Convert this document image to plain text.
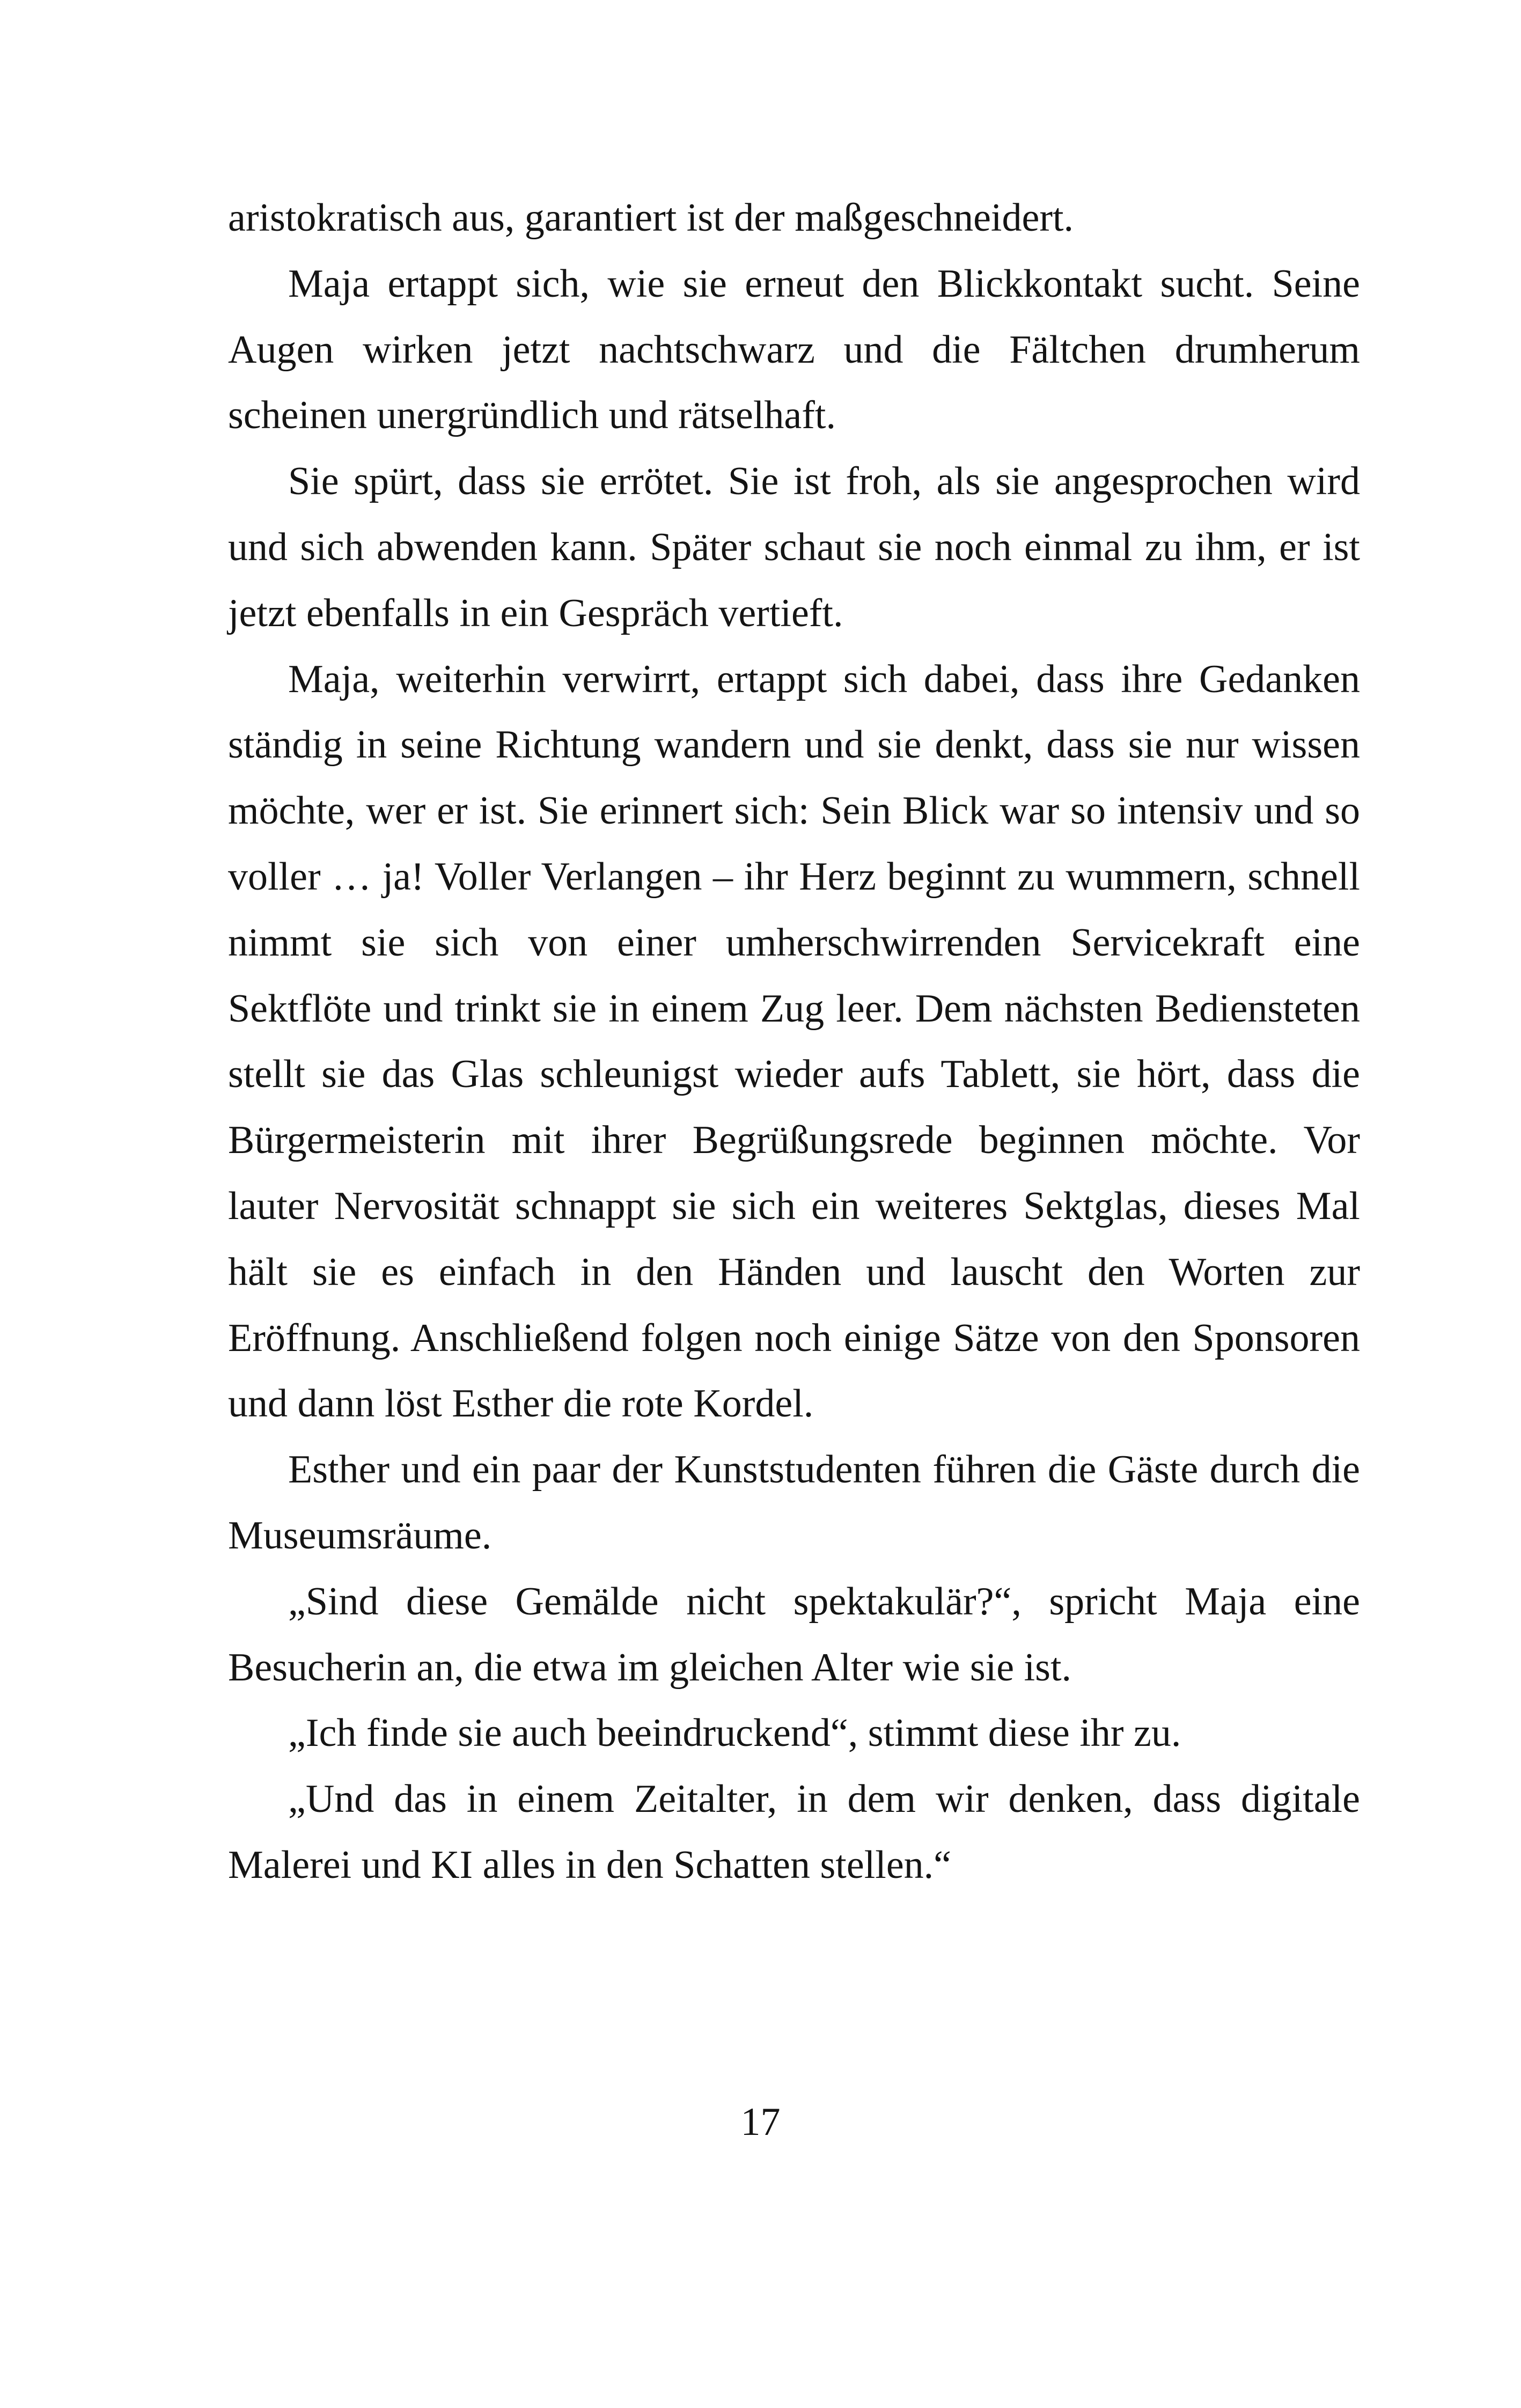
aristokratisch aus, garantiert ist der maßgeschneidert.

Maja ertappt sich, wie sie erneut den Blickkontakt sucht. Seine Augen wirken jetzt nachtschwarz und die Fältchen drumherum scheinen unergründlich und rätselhaft.

Sie spürt, dass sie errötet. Sie ist froh, als sie angesprochen wird und sich abwenden kann. Später schaut sie noch einmal zu ihm, er ist jetzt ebenfalls in ein Gespräch vertieft.

Maja, weiterhin verwirrt, ertappt sich dabei, dass ihre Gedanken ständig in seine Richtung wandern und sie denkt, dass sie nur wissen möchte, wer er ist. Sie erinnert sich: Sein Blick war so intensiv und so voller … ja! Voller Verlangen – ihr Herz beginnt zu wummern, schnell nimmt sie sich von einer umherschwirrenden Servicekraft eine Sektflöte und trinkt sie in einem Zug leer. Dem nächsten Bediensteten stellt sie das Glas schleunigst wieder aufs Tablett, sie hört, dass die Bürgermeisterin mit ihrer Begrüßungsrede beginnen möchte. Vor lauter Nervosität schnappt sie sich ein weiteres Sektglas, dieses Mal hält sie es einfach in den Händen und lauscht den Worten zur Eröffnung. Anschließend folgen noch einige Sätze von den Sponsoren und dann löst Esther die rote Kordel.

Esther und ein paar der Kunststudenten führen die Gäste durch die Museumsräume.

„Sind diese Gemälde nicht spektakulär?“, spricht Maja eine Besucherin an, die etwa im gleichen Alter wie sie ist.

„Ich finde sie auch beeindruckend“, stimmt diese ihr zu.

„Und das in einem Zeitalter, in dem wir denken, dass digitale Malerei und KI alles in den Schatten stellen.“

17
